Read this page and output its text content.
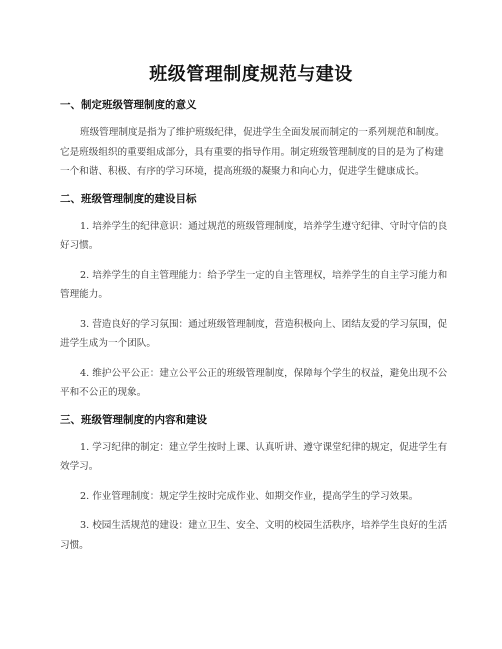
班级管理制度规范与建设
一、制定班级管理制度的意义

班级管理制度是指为了维护班级纪律，促进学生全面发展而制定的一系列规范和制度。它是班级组织的重要组成部分，具有重要的指导作用。制定班级管理制度的目的是为了构建一个和谐、积极、有序的学习环境，提高班级的凝聚力和向心力，促进学生健康成长。

二、班级管理制度的建设目标

1. 培养学生的纪律意识：通过规范的班级管理制度，培养学生遵守纪律、守时守信的良好习惯。

2. 培养学生的自主管理能力：给予学生一定的自主管理权，培养学生的自主学习能力和管理能力。

3. 营造良好的学习氛围：通过班级管理制度，营造积极向上、团结友爱的学习氛围，促进学生成为一个团队。

4. 维护公平公正：建立公平公正的班级管理制度，保障每个学生的权益，避免出现不公平和不公正的现象。

三、班级管理制度的内容和建设

1. 学习纪律的制定：建立学生按时上课、认真听讲、遵守课堂纪律的规定，促进学生有效学习。

2. 作业管理制度：规定学生按时完成作业、如期交作业，提高学生的学习效果。

3. 校园生活规范的建设：建立卫生、安全、文明的校园生活秩序，培养学生良好的生活习惯。
